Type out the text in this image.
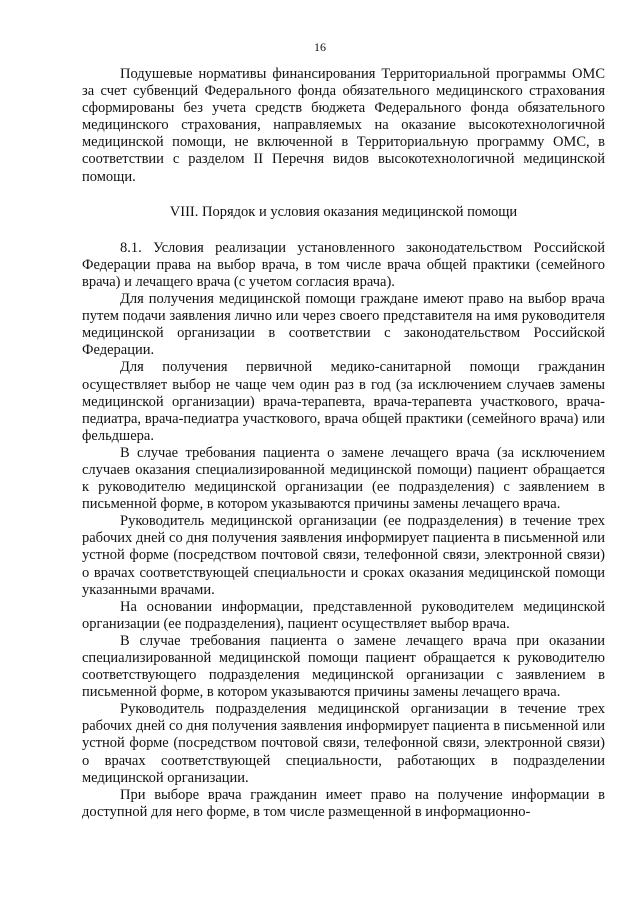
16

Подушевые нормативы финансирования Территориальной программы ОМС за счет субвенций Федерального фонда обязательного медицинского страхования сформированы без учета средств бюджета Федерального фонда обязательного медицинского страхования, направляемых на оказание высокотехнологичной медицинской помощи, не включенной в Территориальную программу ОМС, в соответствии с разделом II Перечня видов высокотехнологичной медицинской помощи.

VIII. Порядок и условия оказания медицинской помощи

8.1. Условия реализации установленного законодательством Российской Федерации права на выбор врача, в том числе врача общей практики (семейного врача) и лечащего врача (с учетом согласия врача).

Для получения медицинской помощи граждане имеют право на выбор врача путем подачи заявления лично или через своего представителя на имя руководителя медицинской организации в соответствии с законодательством Российской Федерации.

Для получения первичной медико-санитарной помощи гражданин осуществляет выбор не чаще чем один раз в год (за исключением случаев замены медицинской организации) врача-терапевта, врача-терапевта участкового, врача-педиатра, врача-педиатра участкового, врача общей практики (семейного врача) или фельдшера.

В случае требования пациента о замене лечащего врача (за исключением случаев оказания специализированной медицинской помощи) пациент обращается к руководителю медицинской организации (ее подразделения) с заявлением в письменной форме, в котором указываются причины замены лечащего врача.

Руководитель медицинской организации (ее подразделения) в течение трех рабочих дней со дня получения заявления информирует пациента в письменной или устной форме (посредством почтовой связи, телефонной связи, электронной связи) о врачах соответствующей специальности и сроках оказания медицинской помощи указанными врачами.

На основании информации, представленной руководителем медицинской организации (ее подразделения), пациент осуществляет выбор врача.

В случае требования пациента о замене лечащего врача при оказании специализированной медицинской помощи пациент обращается к руководителю соответствующего подразделения медицинской организации с заявлением в письменной форме, в котором указываются причины замены лечащего врача.

Руководитель подразделения медицинской организации в течение трех рабочих дней со дня получения заявления информирует пациента в письменной или устной форме (посредством почтовой связи, телефонной связи, электронной связи) о врачах соответствующей специальности, работающих в подразделении медицинской организации.

При выборе врача гражданин имеет право на получение информации в доступной для него форме, в том числе размещенной в информационно-
